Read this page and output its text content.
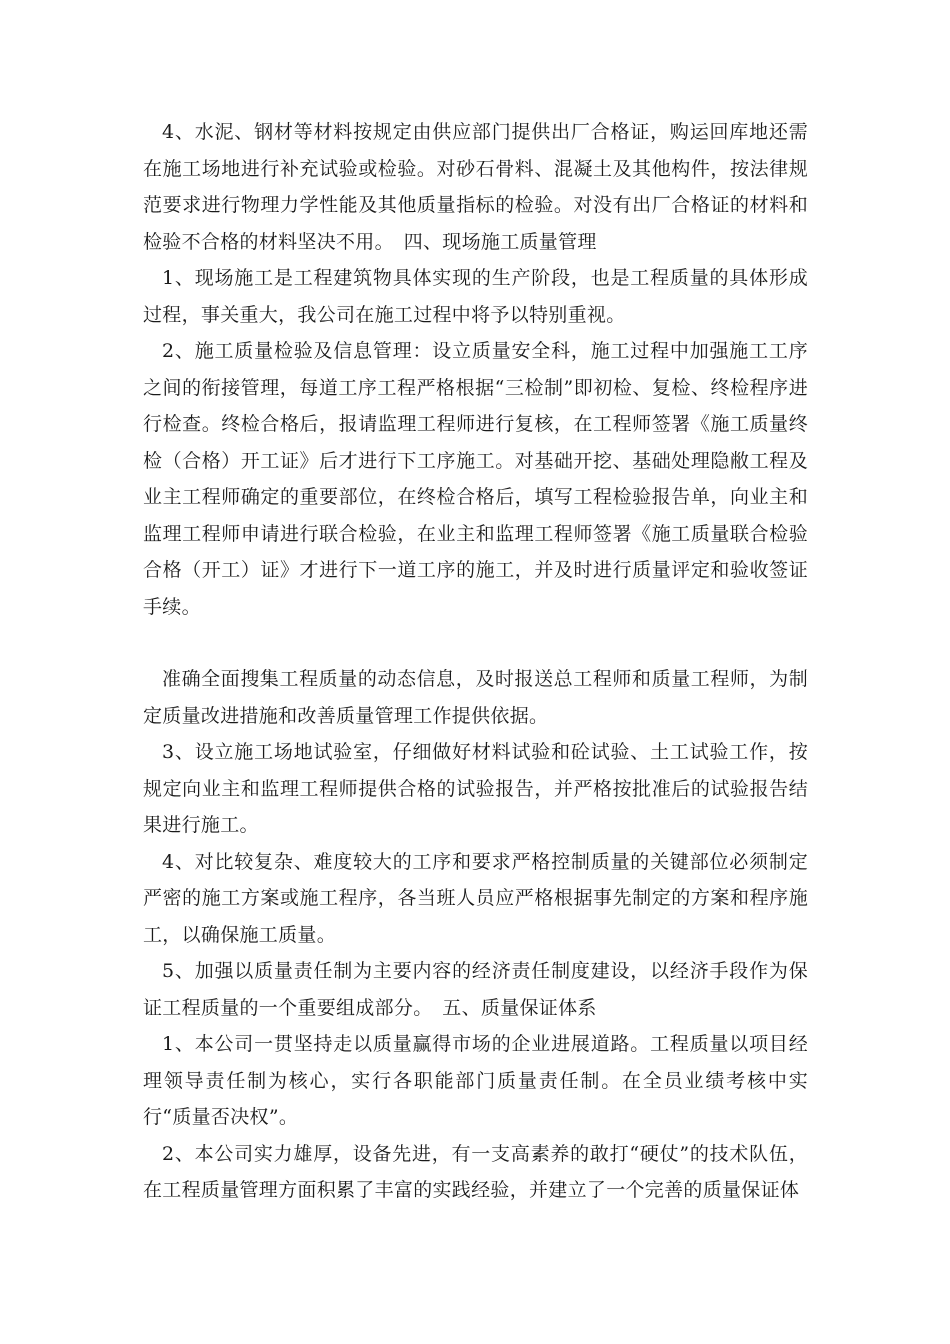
4、水泥、钢材等材料按规定由供应部门提供出厂合格证，购运回库地还需在施工场地进行补充试验或检验。对砂石骨料、混凝土及其他构件，按法律规范要求进行物理力学性能及其他质量指标的检验。对没有出厂合格证的材料和检验不合格的材料坚决不用。　四、现场施工质量管理

1、现场施工是工程建筑物具体实现的生产阶段，也是工程质量的具体形成过程，事关重大，我公司在施工过程中将予以特别重视。

2、施工质量检验及信息管理：设立质量安全科，施工过程中加强施工工序之间的衔接管理，每道工序工程严格根据“三检制”即初检、复检、终检程序进行检查。终检合格后，报请监理工程师进行复核，在工程师签署《施工质量终检（合格）开工证》后才进行下工序施工。对基础开挖、基础处理隐敝工程及业主工程师确定的重要部位，在终检合格后，填写工程检验报告单，向业主和监理工程师申请进行联合检验，在业主和监理工程师签署《施工质量联合检验合格（开工）证》才进行下一道工序的施工，并及时进行质量评定和验收签证手续。

准确全面搜集工程质量的动态信息，及时报送总工程师和质量工程师，为制定质量改进措施和改善质量管理工作提供依据。

3、设立施工场地试验室，仔细做好材料试验和砼试验、土工试验工作，按规定向业主和监理工程师提供合格的试验报告，并严格按批准后的试验报告结果进行施工。

4、对比较复杂、难度较大的工序和要求严格控制质量的关键部位必须制定严密的施工方案或施工程序，各当班人员应严格根据事先制定的方案和程序施工，以确保施工质量。

5、加强以质量责任制为主要内容的经济责任制度建设，以经济手段作为保证工程质量的一个重要组成部分。　五、质量保证体系

1、本公司一贯坚持走以质量赢得市场的企业进展道路。工程质量以项目经理领导责任制为核心，实行各职能部门质量责任制。在全员业绩考核中实行“质量否决权”。

2、本公司实力雄厚，设备先进，有一支高素养的敢打“硬仗”的技术队伍，在工程质量管理方面积累了丰富的实践经验，并建立了一个完善的质量保证体
